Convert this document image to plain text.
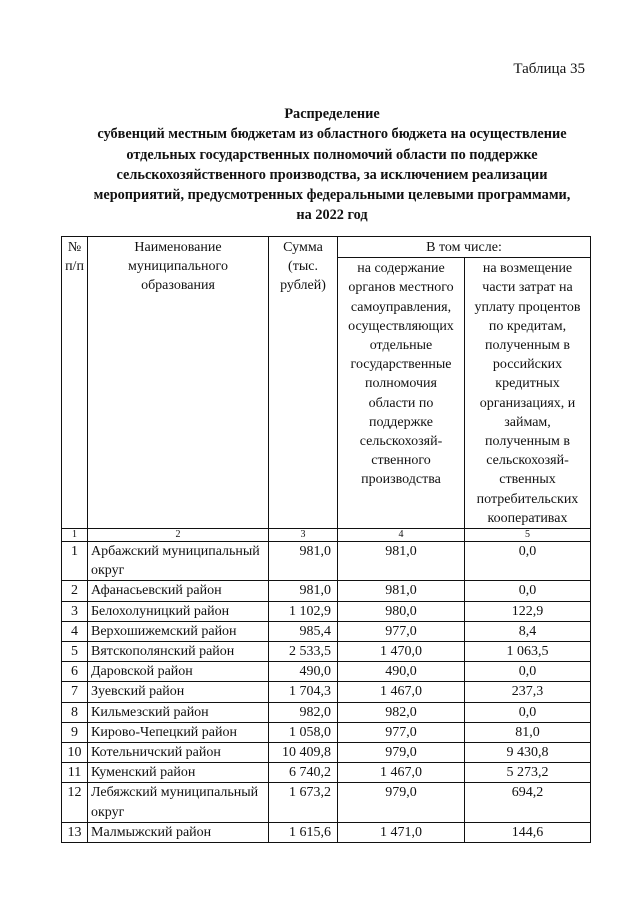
Таблица 35
Распределение
субвенций местным бюджетам из областного бюджета на осуществление
отдельных государственных полномочий области по поддержке
сельскохозяйственного производства, за исключением реализации
мероприятий, предусмотренных федеральными целевыми программами,
на 2022 год
№ п/п	Наименование муниципального образования	Сумма (тыс. рублей)	В том числе:	
			на содержание органов местного самоуправления, осуществляющих отдельные государственные полномочия области по поддержке сельскохозяй-ственного производства	на возмещение части затрат на уплату процентов по кредитам, полученным в российских кредитных организациях, и займам, полученным в сельскохозяй-ственных потребительских кооперативах
1	2	3	4	5
1	Арбажский муниципальный округ	981,0	981,0	0,0
2	Афанасьевский район	981,0	981,0	0,0
3	Белохолуницкий район	1 102,9	980,0	122,9
4	Верхошижемский район	985,4	977,0	8,4
5	Вятскополянский район	2 533,5	1 470,0	1 063,5
6	Даровской район	490,0	490,0	0,0
7	Зуевский район	1 704,3	1 467,0	237,3
8	Кильмезский район	982,0	982,0	0,0
9	Кирово-Чепецкий район	1 058,0	977,0	81,0
10	Котельничский район	10 409,8	979,0	9 430,8
11	Куменский район	6 740,2	1 467,0	5 273,2
12	Лебяжский муниципальный округ	1 673,2	979,0	694,2
13	Малмыжский район	1 615,6	1 471,0	144,6
